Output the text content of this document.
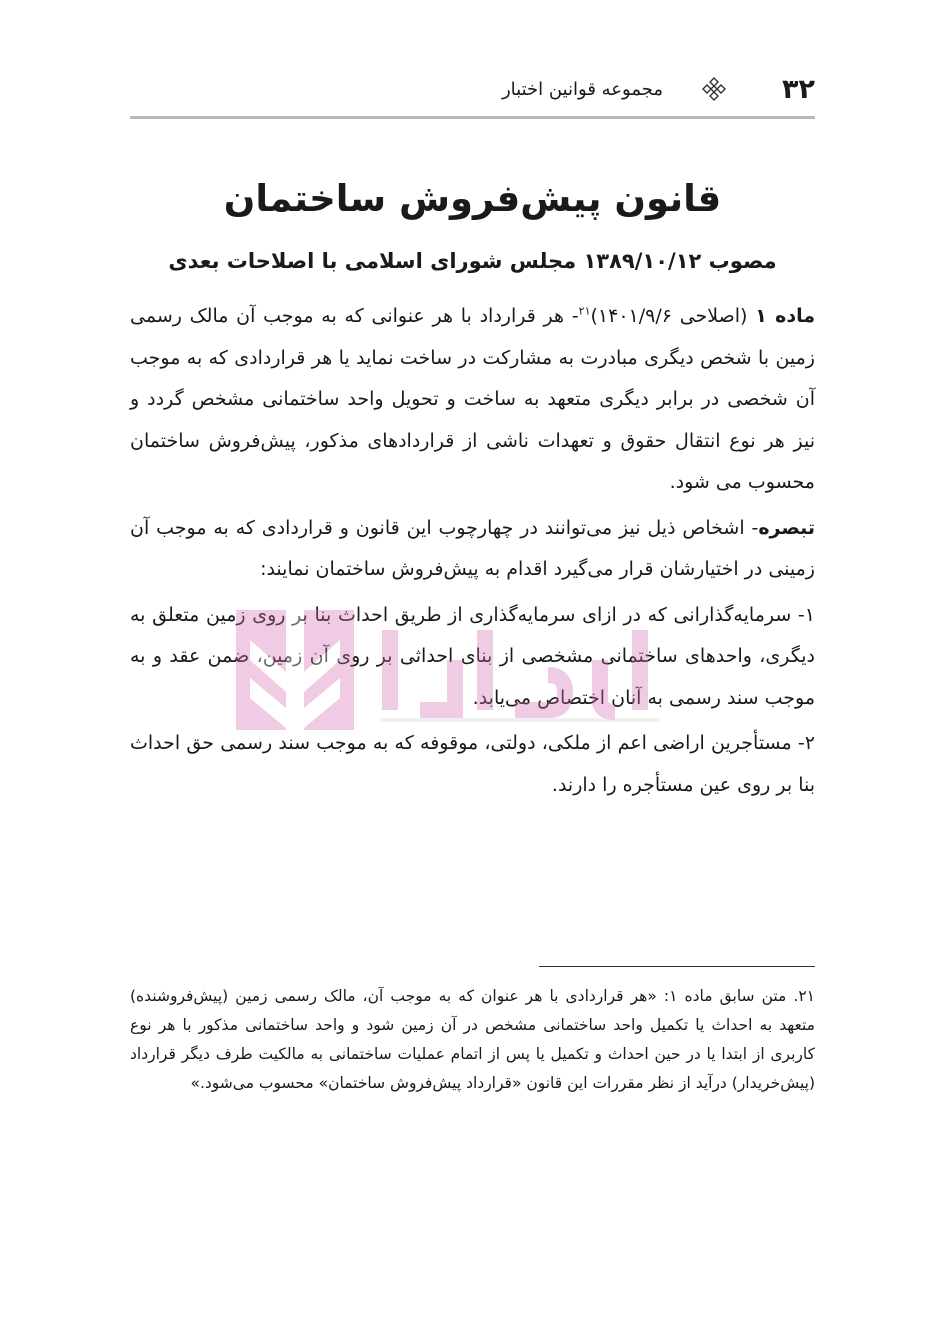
۳۲
مجموعه قوانین اختبار
قانون پیش‌فروش ساختمان
مصوب ۱۳۸۹/۱۰/۱۲ مجلس شورای اسلامی با اصلاحات بعدی

ماده ۱ (اصلاحی ۱۴۰۱/۹/۶)$^{۲۱}$- هر قرارداد با هر عنوانی که به موجب آن مالک رسمی زمین با شخص دیگری مبادرت به مشارکت در ساخت نماید یا هر قراردادی که به موجب آن شخصی در برابر دیگری متعهد به ساخت و تحویل واحد ساختمانی مشخص گردد و نیز هر نوع انتقال حقوق و تعهدات ناشی از قراردادهای مذکور، پیش‌فروش ساختمان محسوب می شود.

تبصره- اشخاص ذیل نیز می‌توانند در چهارچوب این قانون و قراردادی که به موجب آن زمینی در اختیارشان قرار می‌گیرد اقدام به پیش‌فروش ساختمان نمایند:

۱- سرمایه‌گذارانی که در ازای سرمایه‌گذاری از طریق احداث بنا بر روی زمین متعلق به دیگری، واحدهای ساختمانی مشخصی از بنای احداثی بر روی آن زمین، ضمن عقد و به موجب سند رسمی به آنان اختصاص می‌یابد.

۲- مستأجرین اراضی اعم از ملکی، دولتی، موقوفه که به موجب سند رسمی حق احداث بنا بر روی عین مستأجره را دارند.

۲۱. متن سابق ماده ۱: «هر قراردادی با هر عنوان که به موجب آن، مالک رسمی زمین (پیش‌فروشنده) متعهد به احداث یا تکمیل واحد ساختمانی مشخص در آن زمین شود و واحد ساختمانی مذکور با هر نوع کاربری از ابتدا یا در حین احداث و تکمیل یا پس از اتمام عملیات ساختمانی به مالکیت طرف دیگر قرارداد (پیش‌خریدار) درآید از نظر مقررات این قانون «قرارداد پیش‌فروش ساختمان» محسوب می‌شود.»
